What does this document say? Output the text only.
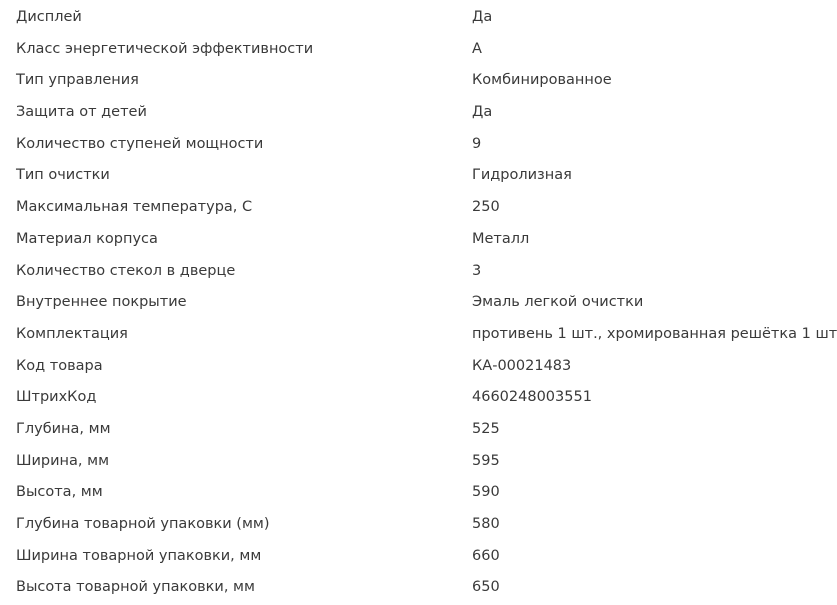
Дисплей	Да
Класс энергетической эффективности	A
Тип управления	Комбинированное
Защита от детей	Да
Количество ступеней мощности	9
Тип очистки	Гидролизная
Максимальная температура, С	250
Материал корпуса	Металл
Количество стекол в дверце	3
Внутреннее покрытие	Эмаль легкой очистки
Комплектация	противень 1 шт., хромированная решётка 1 шт
Код товара	КА-00021483
ШтрихКод	4660248003551
Глубина, мм	525
Ширина, мм	595
Высота, мм	590
Глубина товарной упаковки (мм)	580
Ширина товарной упаковки, мм	660
Высота товарной упаковки, мм	650
